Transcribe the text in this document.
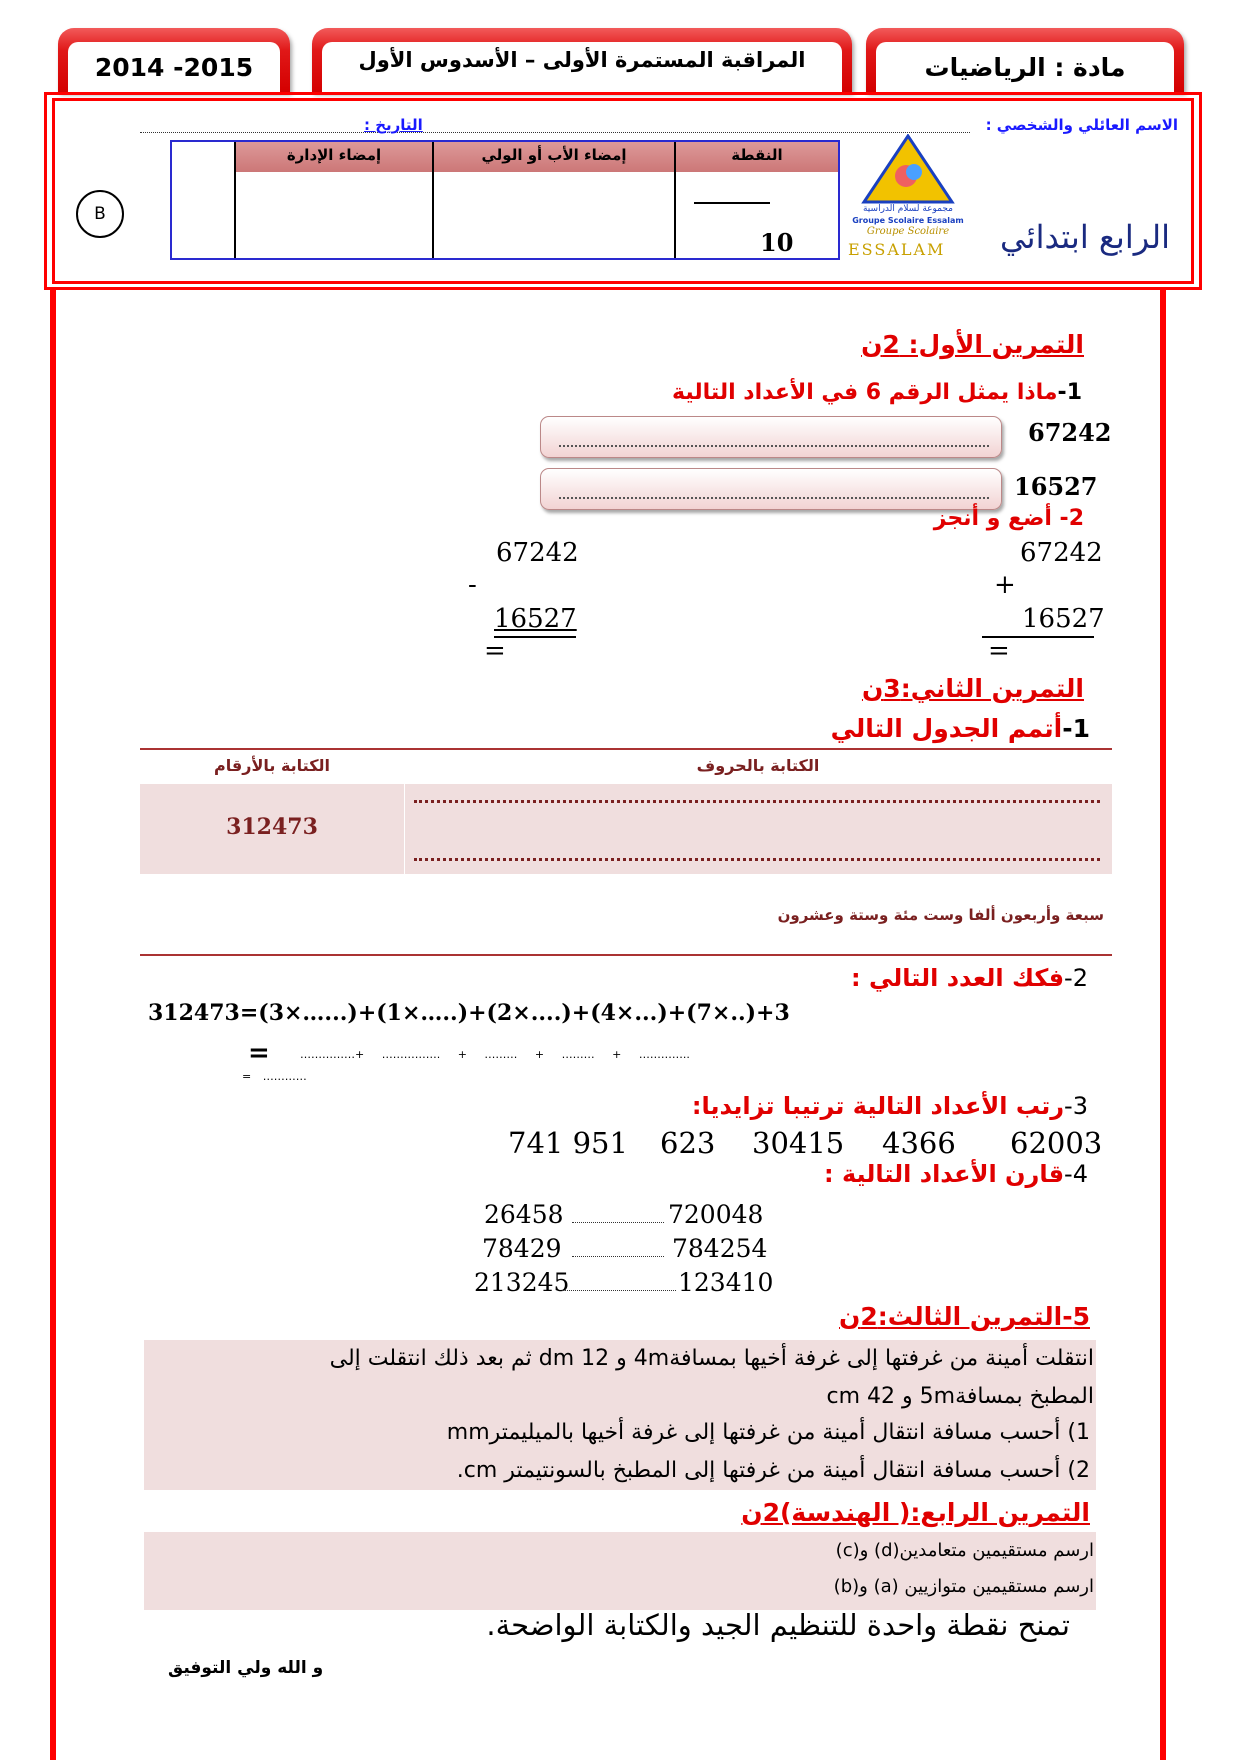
2014 -2015	المراقبة المستمرة الأولى – الأسدوس الأول	مادة : الرياضيات
الاسم العائلي والشخصي :
التاريخ :
إمضاء الإدارة	إمضاء الأب أو الولي	النقطة
10
B	مجموعة لسلام الدراسية
Groupe Scolaire Essalam
Groupe Scolaire
ESSALAM	الرابع ابتدائي
التمرين الأول: 2ن
1-ماذا يمثل الرقم 6 في الأعداد التالية
67242
16527
2- أضع و أنجز
67242
-
16527
=
67242
+
16527
=
التمرين الثاني:3ن
1-أتمم الجدول التالي
الكتابة بالأرقام	الكتابة بالحروف
312473
سبعة وأربعون ألفا وست مئة وستة وعشرون
2-فكك العدد التالي :
312473=(3×…...)+(1×…..)+(2×....)+(4×...)+(7×..)+3
=	……………+ ……………. + ……… + ……… + …………..
= …………
3-رتب الأعداد التالية ترتيبا تزايديا:
62003
4366
30415
623
741 951
4-قارن الأعداد التالية :
26458	720048
78429	784254
213245	123410
5-التمرين الثالث:2ن
انتقلت أمينة من غرفتها إلى غرفة أخيها بمسافة4m و 12 dm ثم بعد ذلك انتقلت إلى
المطبخ بمسافة5m و 42 cm
1) أحسب مسافة انتقال أمينة من غرفتها إلى غرفة أخيها بالميليمترmm
2) أحسب مسافة انتقال أمينة من غرفتها إلى المطبخ بالسونتيمتر cm.
التمرين الرابع:( الهندسة)2ن
ارسم مستقيمين متعامدين(d) و(c)
ارسم مستقيمين متوازيين (a) و(b)
تمنح نقطة واحدة للتنظيم الجيد والكتابة الواضحة.
و الله ولي التوفيق
